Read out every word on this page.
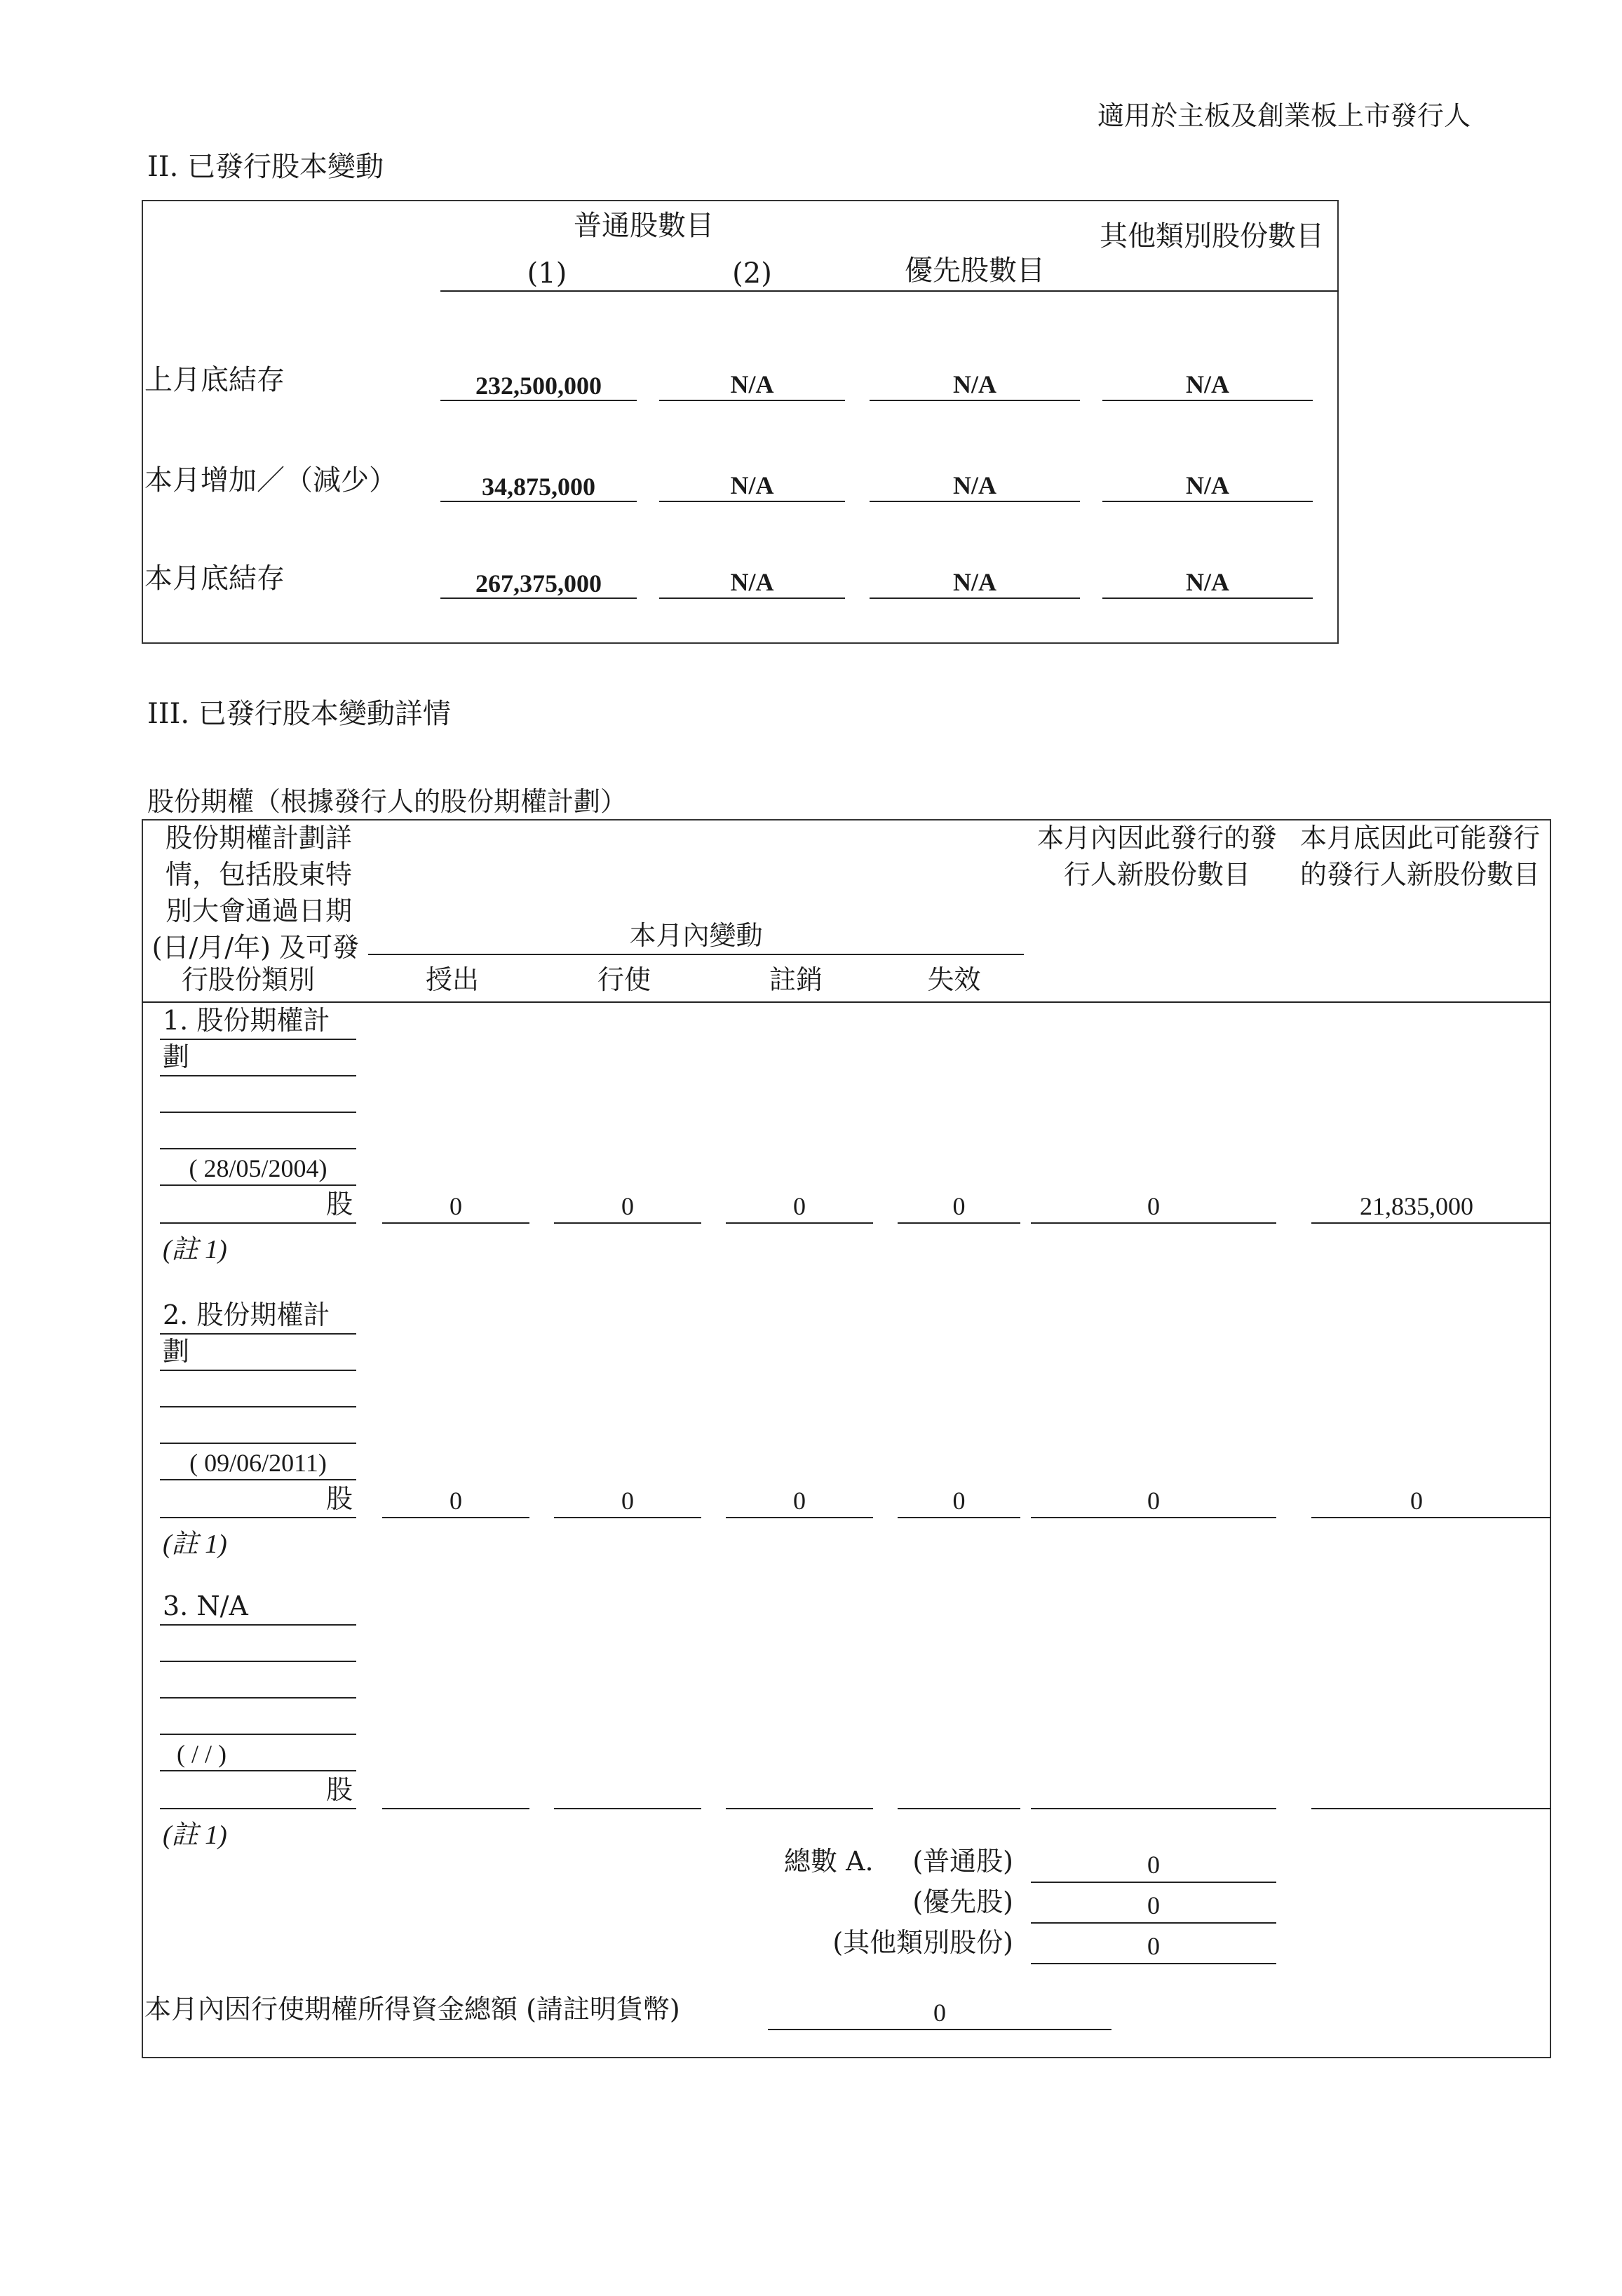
適用於主板及創業板上市發行人
II. 已發行股本變動
普通股數目
(1)	(2)	優先股數目
其他類別股份數目
上月底結存	232,500,000	N/A	N/A	N/A
本月增加／（減少）	34,875,000	N/A	N/A	N/A
本月底結存	267,375,000	N/A	N/A	N/A
III. 已發行股本變動詳情
股份期權（根據發行人的股份期權計劃）
股份期權計劃詳
情，包括股東特
別大會通過日期
(日/月/年) 及可發
行股份類別
本月內變動
授出	行使	註銷	失效
本月內因此發行的發
行人新股份數目
本月底因此可能發行
的發行人新股份數目
1. 股份期權計
劃
( 28/05/2004)
股	0	0	0	0	0	21,835,000
(註 1)
2. 股份期權計
劃
( 09/06/2011)
股	0	0	0	0	0	0
(註 1)
3. N/A
( / / )
股
(註 1)
總數 A.	(普通股)	0
(優先股)	0
(其他類別股份)	0
本月內因行使期權所得資金總額 (請註明貨幣)	0
